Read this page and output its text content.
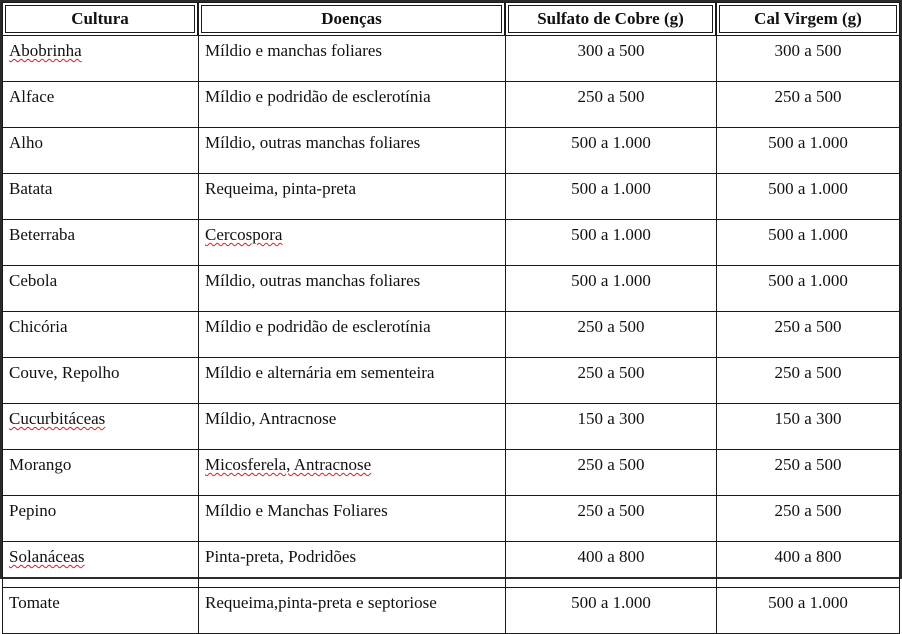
Cultura	Doenças	Sulfato de Cobre (g)	Cal Virgem (g)
Abobrinha	Míldio e manchas foliares	300 a 500	300 a 500
Alface	Míldio e podridão de esclerotínia	250 a 500	250 a 500
Alho	Míldio, outras manchas foliares	500 a 1.000	500 a 1.000
Batata	Requeima, pinta-preta	500 a 1.000	500 a 1.000
Beterraba	Cercospora	500 a 1.000	500 a 1.000
Cebola	Míldio, outras manchas foliares	500 a 1.000	500 a 1.000
Chicória	Míldio e podridão de esclerotínia	250 a 500	250 a 500
Couve, Repolho	Míldio e alternária em sementeira	250 a 500	250 a 500
Cucurbitáceas	Míldio, Antracnose	150 a 300	150 a 300
Morango	Micosferela, Antracnose	250 a 500	250 a 500
Pepino	Míldio e Manchas Foliares	250 a 500	250 a 500
Solanáceas	Pinta-preta, Podridões	400 a 800	400 a 800
Tomate	Requeima,pinta-preta e septoriose	500 a 1.000	500 a 1.000
